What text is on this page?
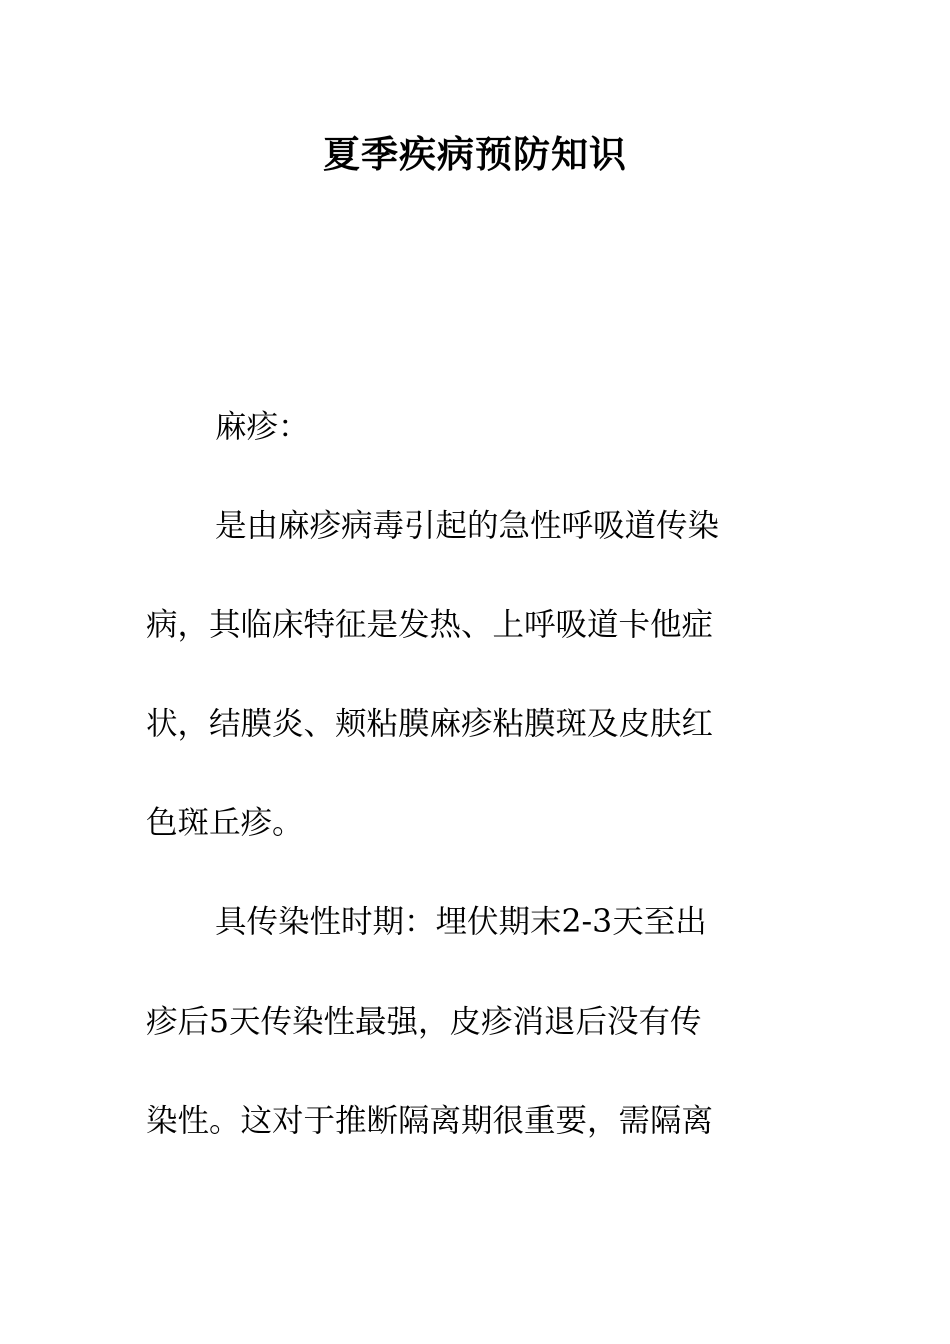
夏季疾病预防知识
麻疹：
是由麻疹病毒引起的急性呼吸道传染
病，其临床特征是发热、上呼吸道卡他症
状，结膜炎、颊粘膜麻疹粘膜斑及皮肤红
色斑丘疹。
具传染性时期：埋伏期末2-3天至出
疹后5天传染性最强，皮疹消退后没有传
染性。这对于推断隔离期很重要，需隔离
